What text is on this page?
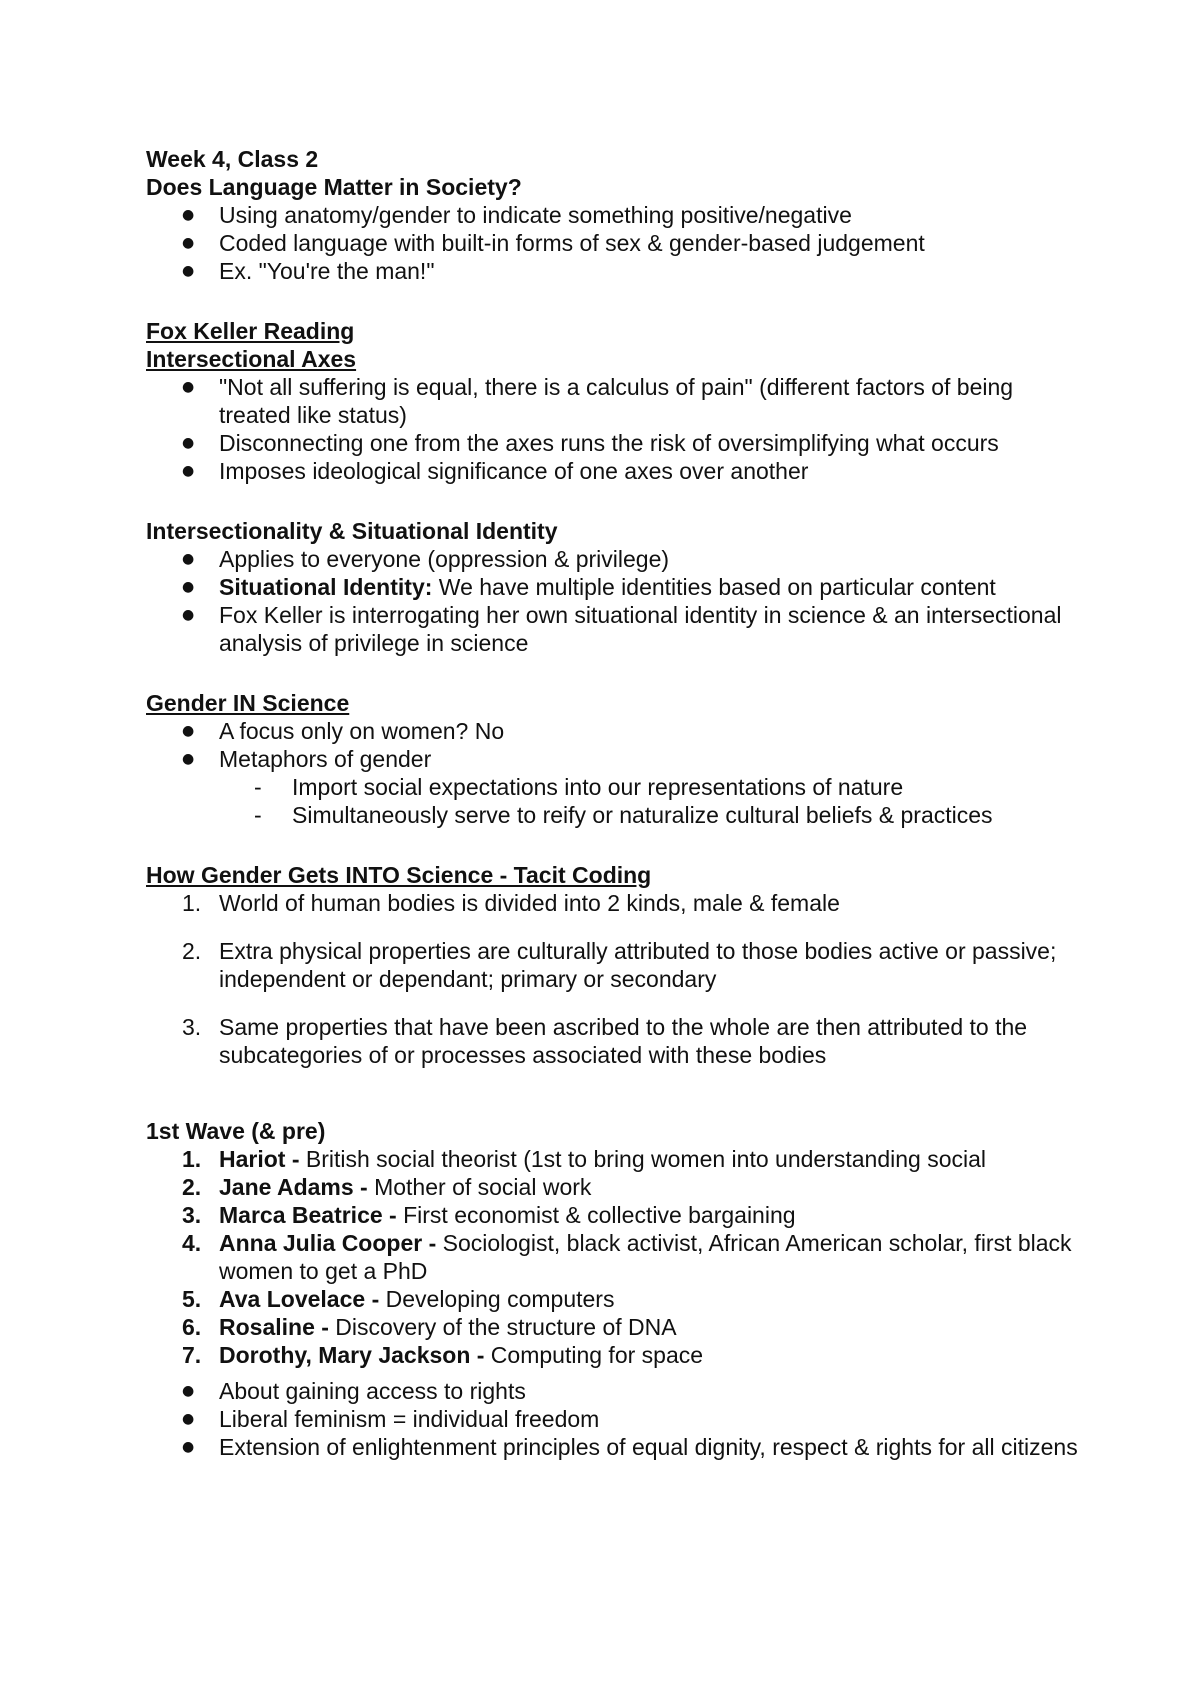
Week 4, Class 2
Does Language Matter in Society?
● Using anatomy/gender to indicate something positive/negative
● Coded language with built-in forms of sex & gender-based judgement
● Ex. "You're the man!"
Fox Keller Reading
Intersectional Axes
● "Not all suffering is equal, there is a calculus of pain" (different factors of being treated like status)
● Disconnecting one from the axes runs the risk of oversimplifying what occurs
● Imposes ideological significance of one axes over another
Intersectionality & Situational Identity
● Applies to everyone (oppression & privilege)
● Situational Identity: We have multiple identities based on particular content
● Fox Keller is interrogating her own situational identity in science & an intersectional analysis of privilege in science
Gender IN Science
● A focus only on women? No
● Metaphors of gender
- Import social expectations into our representations of nature
- Simultaneously serve to reify or naturalize cultural beliefs & practices
How Gender Gets INTO Science - Tacit Coding
1. World of human bodies is divided into 2 kinds, male & female
2. Extra physical properties are culturally attributed to those bodies active or passive; independent or dependant; primary or secondary
3. Same properties that have been ascribed to the whole are then attributed to the subcategories of or processes associated with these bodies
1st Wave (& pre)
1. Hariot - British social theorist (1st to bring women into understanding social
2. Jane Adams - Mother of social work
3. Marca Beatrice - First economist & collective bargaining
4. Anna Julia Cooper - Sociologist, black activist, African American scholar, first black women to get a PhD
5. Ava Lovelace - Developing computers
6. Rosaline - Discovery of the structure of DNA
7. Dorothy, Mary Jackson - Computing for space
● About gaining access to rights
● Liberal feminism = individual freedom
● Extension of enlightenment principles of equal dignity, respect & rights for all citizens
